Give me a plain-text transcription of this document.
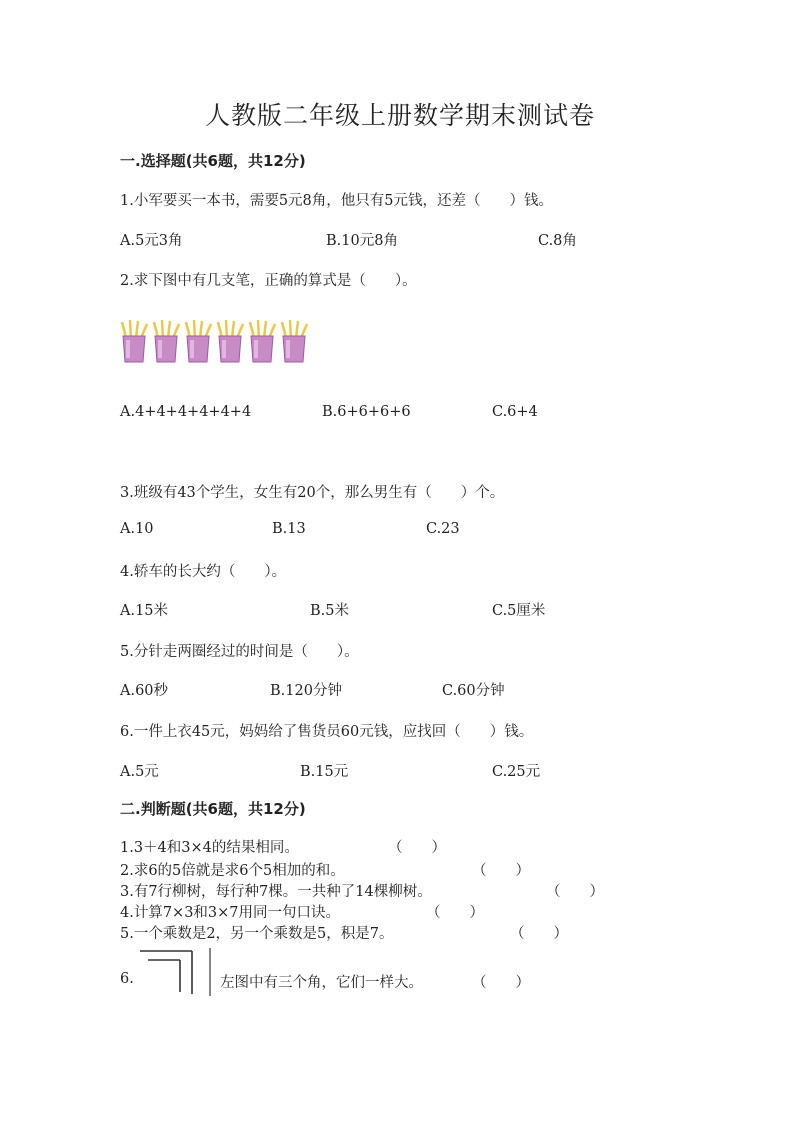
人教版二年级上册数学期末测试卷
一.选择题(共6题，共12分)
1.小军要买一本书，需要5元8角，他只有5元钱，还差（　　）钱。
A.5元3角	B.10元8角	C.8角
2.求下图中有几支笔，正确的算式是（　　）。
A.4+4+4+4+4+4	B.6+6+6+6	C.6+4
3.班级有43个学生，女生有20个，那么男生有（　　）个。
A.10	B.13	C.23
4.轿车的长大约（　　）。
A.15米	B.5米	C.5厘米
5.分针走两圈经过的时间是（　　）。
A.60秒	B.120分钟	C.60分钟
6.一件上衣45元，妈妈给了售货员60元钱，应找回（　　）钱。
A.5元	B.15元	C.25元
二.判断题(共6题，共12分)
1.3＋4和3×4的结果相同。	（　　）
2.求6的5倍就是求6个5相加的和。	（　　）
3.有7行柳树，每行种7棵。一共种了14棵柳树。	（　　）
4.计算7×3和3×7用同一句口诀。	（　　）
5.一个乘数是2，另一个乘数是5，积是7。	（　　）
6.	左图中有三个角，它们一样大。	（　　）
